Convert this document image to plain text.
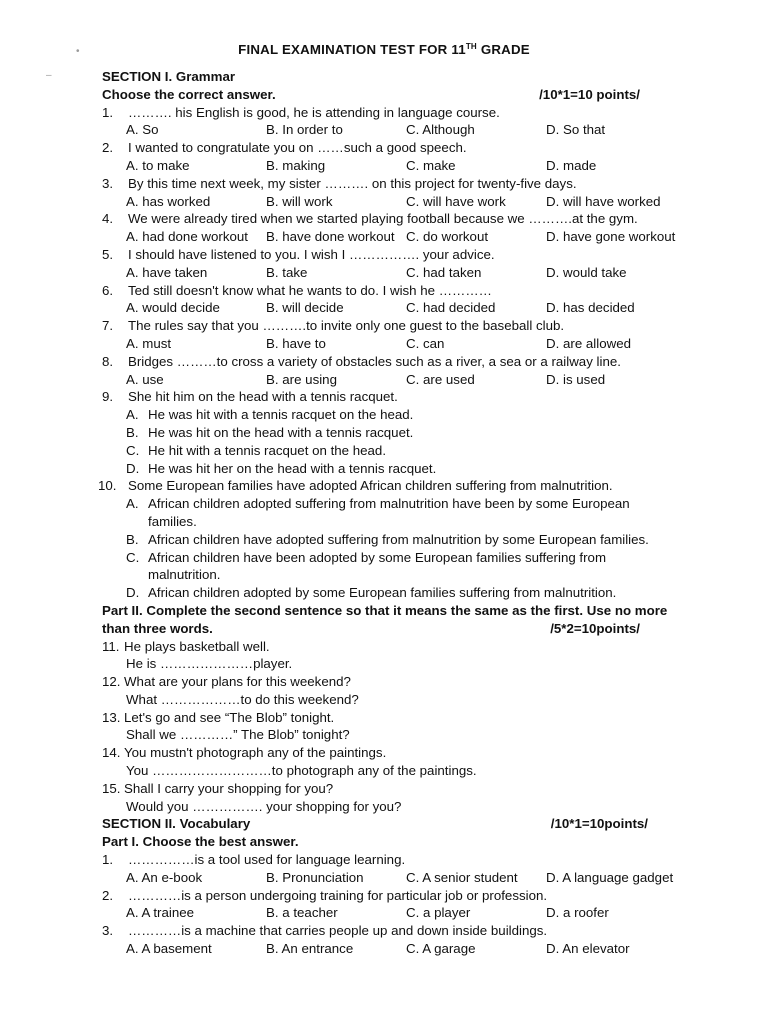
•
–
FINAL EXAMINATION TEST FOR 11TH GRADE
SECTION I. Grammar
Choose the correct answer.	/10*1=10 points/
1. ………. his English is good, he is attending in language course.
A. So	B. In order to	C. Although	D. So that
2. I wanted to congratulate you on ……such a good speech.
A. to make	B. making	C. make	D. made
3. By this time next week, my sister ………. on this project for twenty-five days.
A. has worked	B. will work	C. will have work	D. will have worked
4. We were already tired when we started playing football because we ……….at the gym.
A. had done workout B. have done workout C. do workout	D. have gone workout
5. I should have listened to you. I wish I ……………. your advice.
A. have taken	B. take	C. had taken	D. would take
6. Ted still doesn't know what he wants to do. I wish he …………
A. would decide	B. will decide	C. had decided	D. has decided
7. The rules say that you ……….to invite only one guest to the baseball club.
A. must	B. have to	C. can	D. are allowed
8. Bridges ………to cross a variety of obstacles such as a river, a sea or a railway line.
A. use	B. are using	C. are used	D. is used
9. She hit him on the head with a tennis racquet.
A. He was hit with a tennis racquet on the head.
B. He was hit on the head with a tennis racquet.
C. He hit with a tennis racquet on the head.
D. He was hit her on the head with a tennis racquet.
10. Some European families have adopted African children suffering from malnutrition.
A. African children adopted suffering from malnutrition have been by some European
families.
B. African children have adopted suffering from malnutrition by some European families.
C. African children have been adopted by some European families suffering from
malnutrition.
D. African children adopted by some European families suffering from malnutrition.
Part II. Complete the second sentence so that it means the same as the first. Use no more
than three words.	/5*2=10points/
11. He plays basketball well.
He is …………………player.
12. What are your plans for this weekend?
What ………………to do this weekend?
13. Let's go and see “The Blob” tonight.
Shall we …………” The Blob” tonight?
14. You mustn't photograph any of the paintings.
You ………………………to photograph any of the paintings.
15. Shall I carry your shopping for you?
Would you ……………. your shopping for you?
SECTION II. Vocabulary	/10*1=10points/
Part I. Choose the best answer.
1. ……………is a tool used for language learning.
A. An e-book	B. Pronunciation	C. A senior student D. A language gadget
2. …………is a person undergoing training for particular job or profession.
A. A trainee	B. a teacher	C. a player	D. a roofer
3. …………is a machine that carries people up and down inside buildings.
A. A basement	B. An entrance	C. A garage	D. An elevator
